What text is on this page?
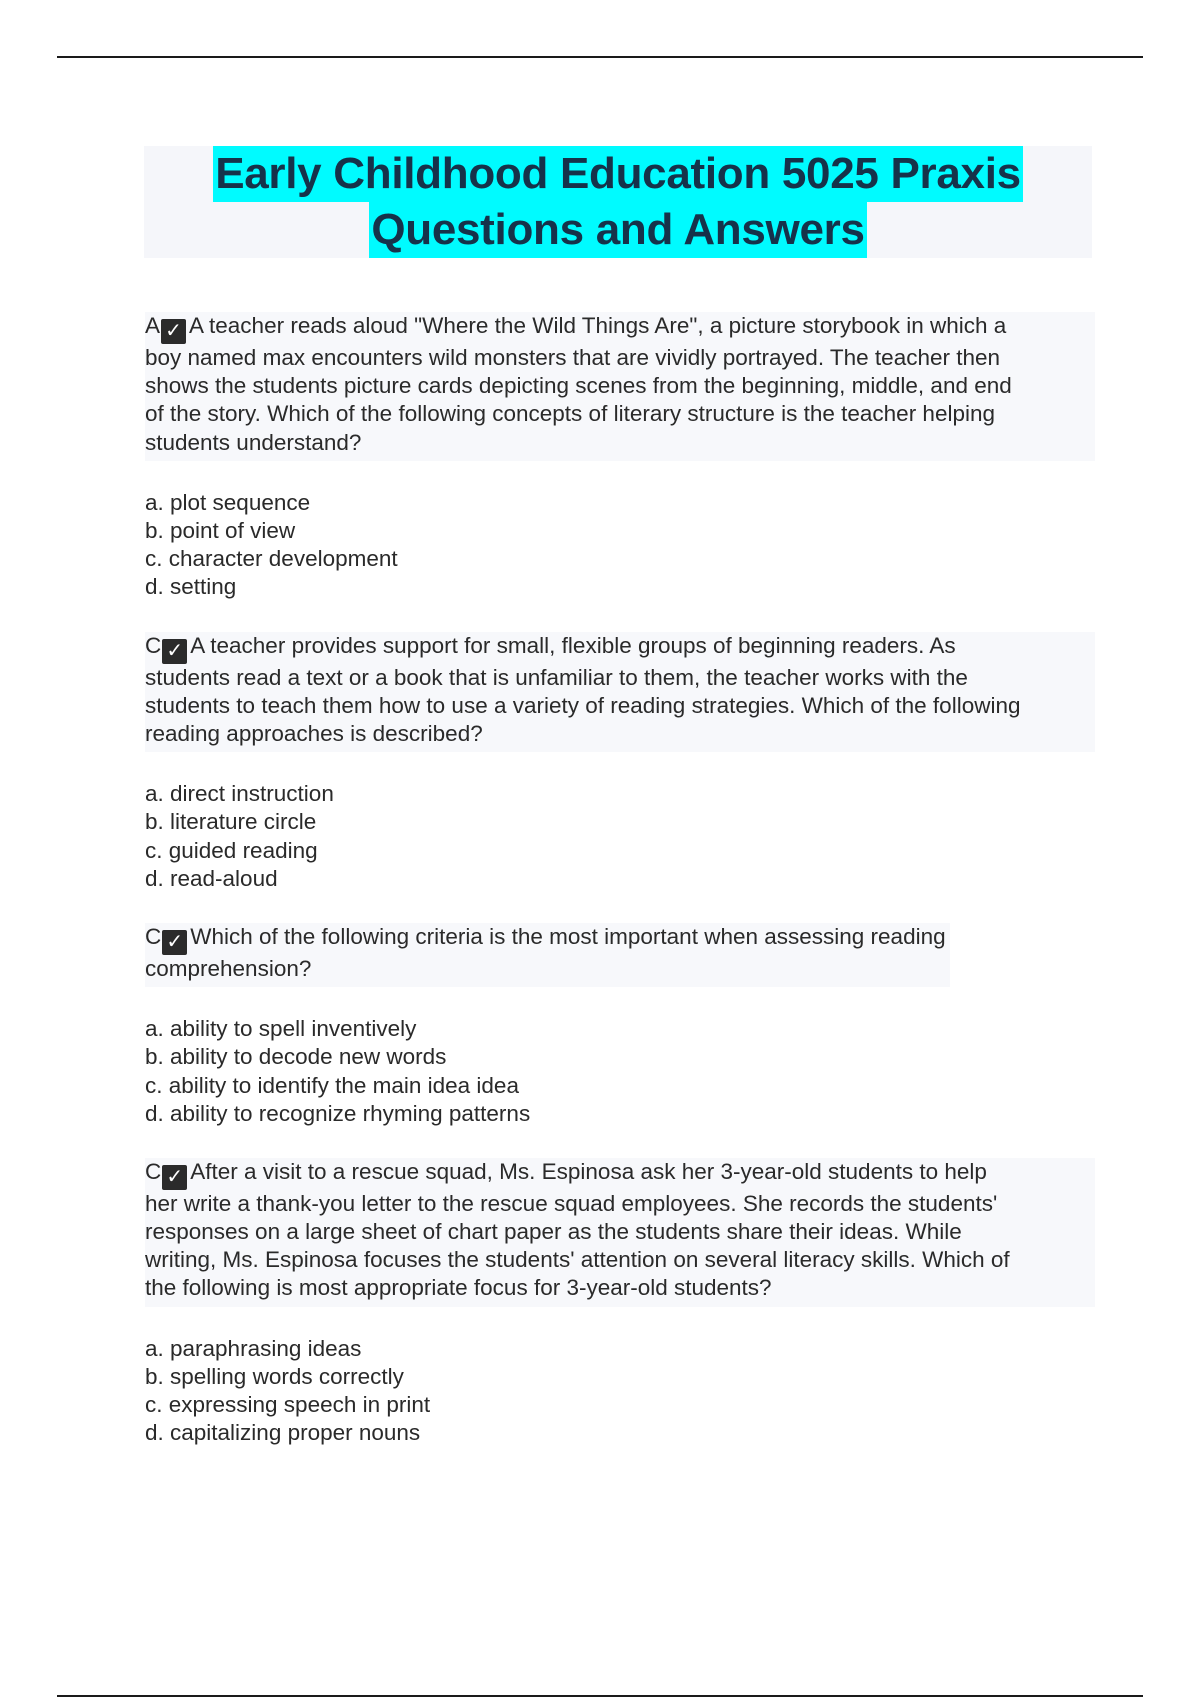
Early Childhood Education 5025 Praxis
Questions and Answers
A ✓ A teacher reads aloud "Where the Wild Things Are", a picture storybook in which a
boy named max encounters wild monsters that are vividly portrayed. The teacher then
shows the students picture cards depicting scenes from the beginning, middle, and end
of the story. Which of the following concepts of literary structure is the teacher helping
students understand?
a. plot sequence
b. point of view
c. character development
d. setting
C ✓ A teacher provides support for small, flexible groups of beginning readers. As
students read a text or a book that is unfamiliar to them, the teacher works with the
students to teach them how to use a variety of reading strategies. Which of the following
reading approaches is described?
a. direct instruction
b. literature circle
c. guided reading
d. read-aloud
C ✓ Which of the following criteria is the most important when assessing reading
comprehension?
a. ability to spell inventively
b. ability to decode new words
c. ability to identify the main idea idea
d. ability to recognize rhyming patterns
C ✓ After a visit to a rescue squad, Ms. Espinosa ask her 3-year-old students to help
her write a thank-you letter to the rescue squad employees. She records the students'
responses on a large sheet of chart paper as the students share their ideas. While
writing, Ms. Espinosa focuses the students' attention on several literacy skills. Which of
the following is most appropriate focus for 3-year-old students?
a. paraphrasing ideas
b. spelling words correctly
c. expressing speech in print
d. capitalizing proper nouns
